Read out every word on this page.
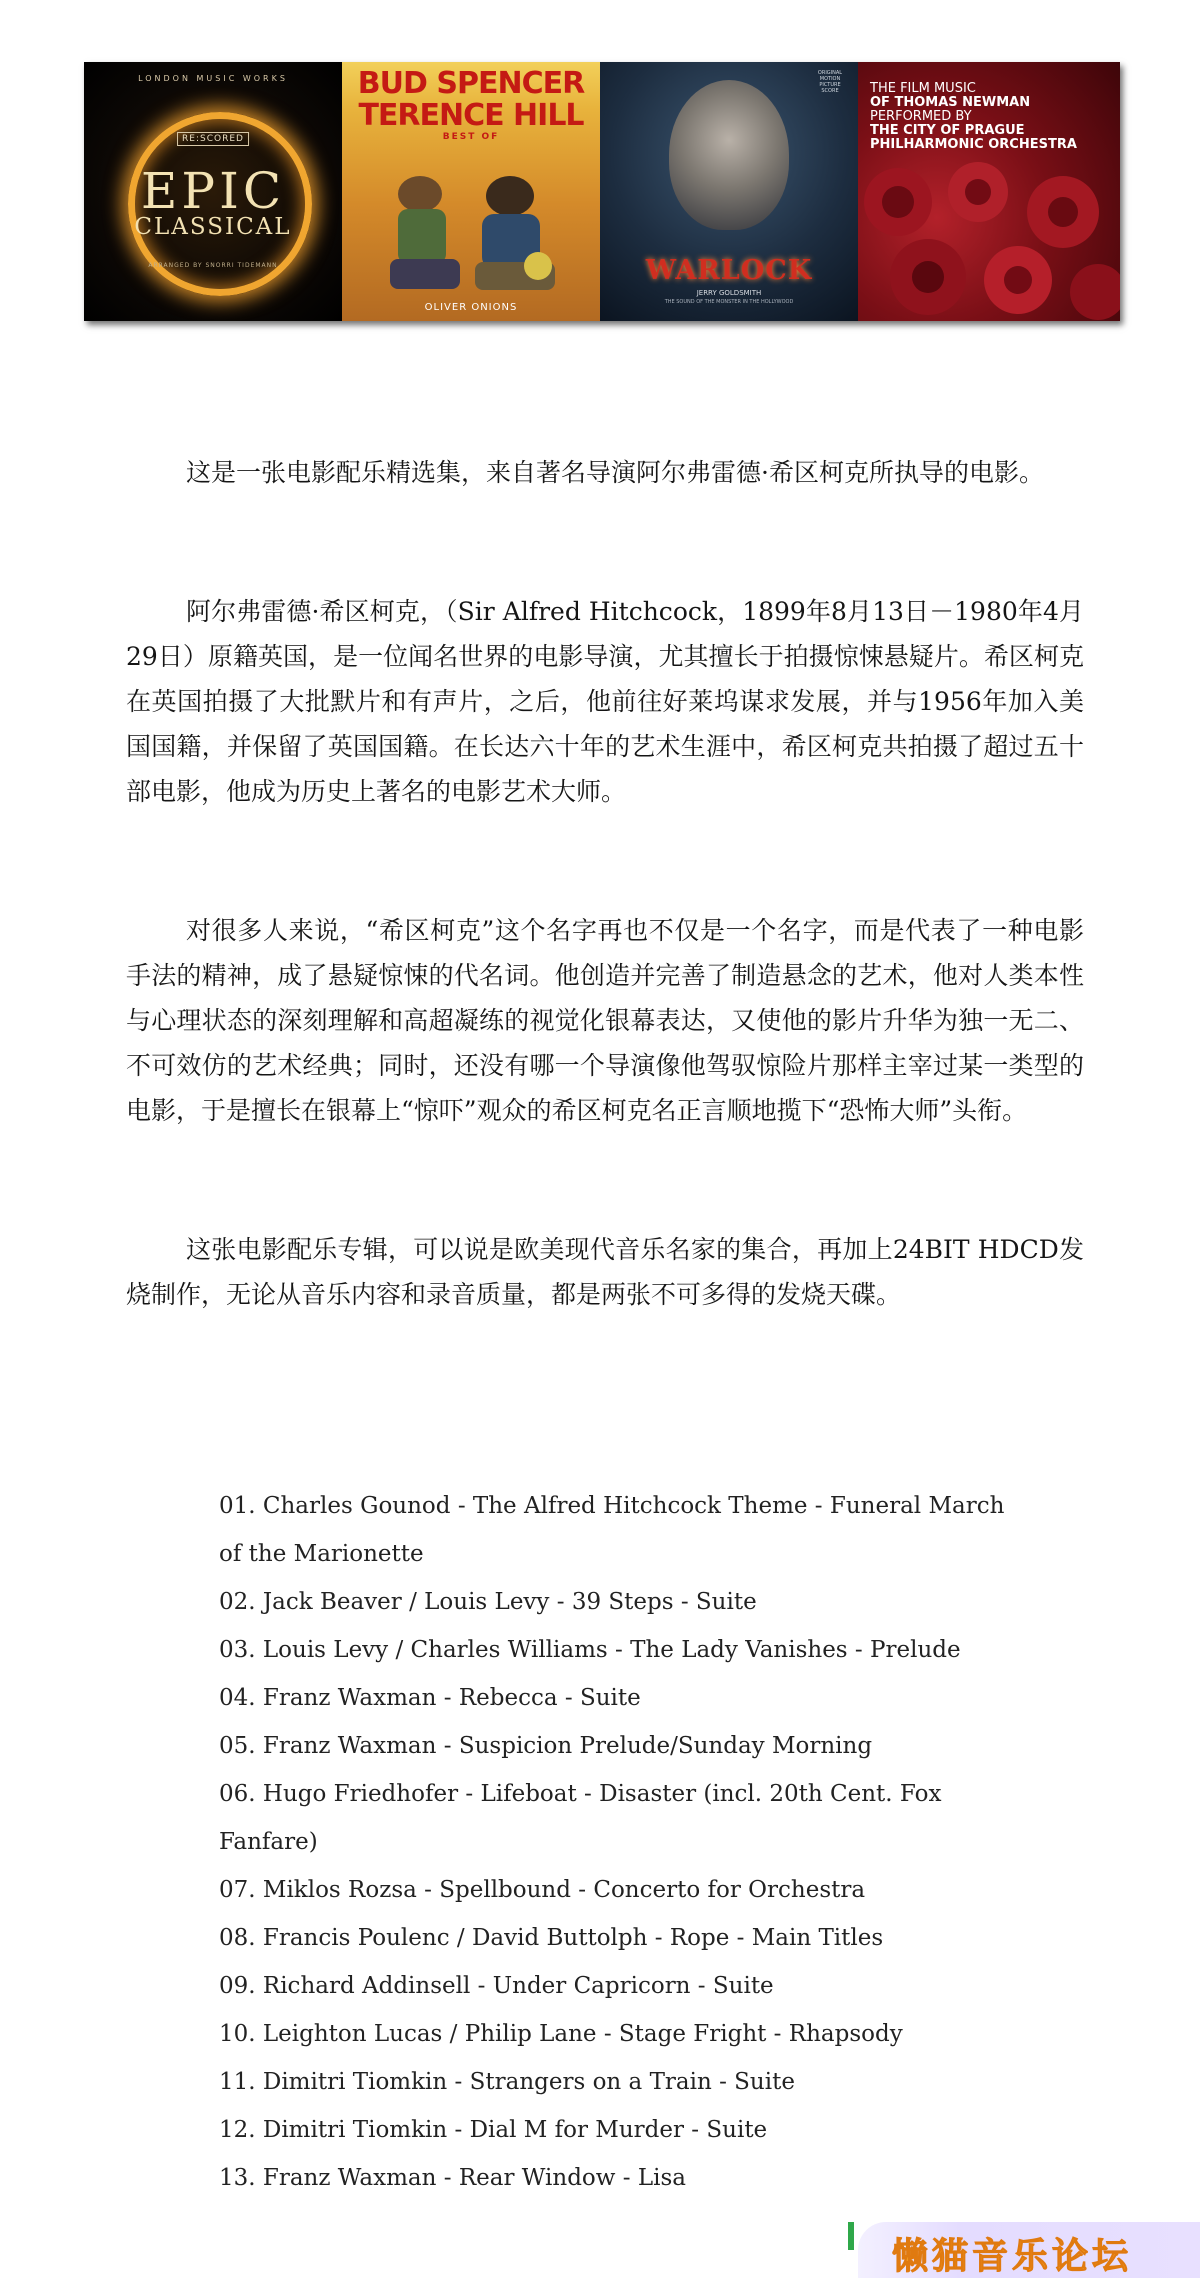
LONDON MUSIC WORKS
RE:SCORED
EPIC
CLASSICAL
ARRANGED BY SNORRI TIDEMANN
BUD SPENCER TERENCE HILL
BEST OF
OLIVER ONIONS
ORIGINAL MOTION PICTURE SCORE
WARLOCK
JERRY GOLDSMITH
THE SOUND OF THE MONSTER IN THE HOLLYWOOD
THE FILM MUSIC
OF THOMAS NEWMAN
PERFORMED BY
THE CITY OF PRAGUE
PHILHARMONIC ORCHESTRA

这是一张电影配乐精选集，来自著名导演阿尔弗雷德·希区柯克所执导的电影。

阿尔弗雷德·希区柯克，（Sir Alfred Hitchcock，1899年8月13日－1980年4月29日）原籍英国，是一位闻名世界的电影导演，尤其擅长于拍摄惊悚悬疑片。希区柯克在英国拍摄了大批默片和有声片，之后，他前往好莱坞谋求发展，并与1956年加入美国国籍，并保留了英国国籍。在长达六十年的艺术生涯中，希区柯克共拍摄了超过五十部电影，他成为历史上著名的电影艺术大师。

对很多人来说，“希区柯克”这个名字再也不仅是一个名字，而是代表了一种电影手法的精神，成了悬疑惊悚的代名词。他创造并完善了制造悬念的艺术，他对人类本性与心理状态的深刻理解和高超凝练的视觉化银幕表达，又使他的影片升华为独一无二、不可效仿的艺术经典；同时，还没有哪一个导演像他驾驭惊险片那样主宰过某一类型的电影，于是擅长在银幕上“惊吓”观众的希区柯克名正言顺地揽下“恐怖大师”头衔。

这张电影配乐专辑，可以说是欧美现代音乐名家的集合，再加上24BIT HDCD发烧制作，无论从音乐内容和录音质量，都是两张不可多得的发烧天碟。

01. Charles Gounod - The Alfred Hitchcock Theme - Funeral March
of the Marionette
02. Jack Beaver / Louis Levy - 39 Steps - Suite
03. Louis Levy / Charles Williams - The Lady Vanishes - Prelude
04. Franz Waxman - Rebecca - Suite
05. Franz Waxman - Suspicion Prelude/Sunday Morning
06. Hugo Friedhofer - Lifeboat - Disaster (incl. 20th Cent. Fox
Fanfare)
07. Miklos Rozsa - Spellbound - Concerto for Orchestra
08. Francis Poulenc / David Buttolph - Rope - Main Titles
09. Richard Addinsell - Under Capricorn - Suite
10. Leighton Lucas / Philip Lane - Stage Fright - Rhapsody
11. Dimitri Tiomkin - Strangers on a Train - Suite
12. Dimitri Tiomkin - Dial M for Murder - Suite
13. Franz Waxman - Rear Window - Lisa
懒猫音乐论坛
